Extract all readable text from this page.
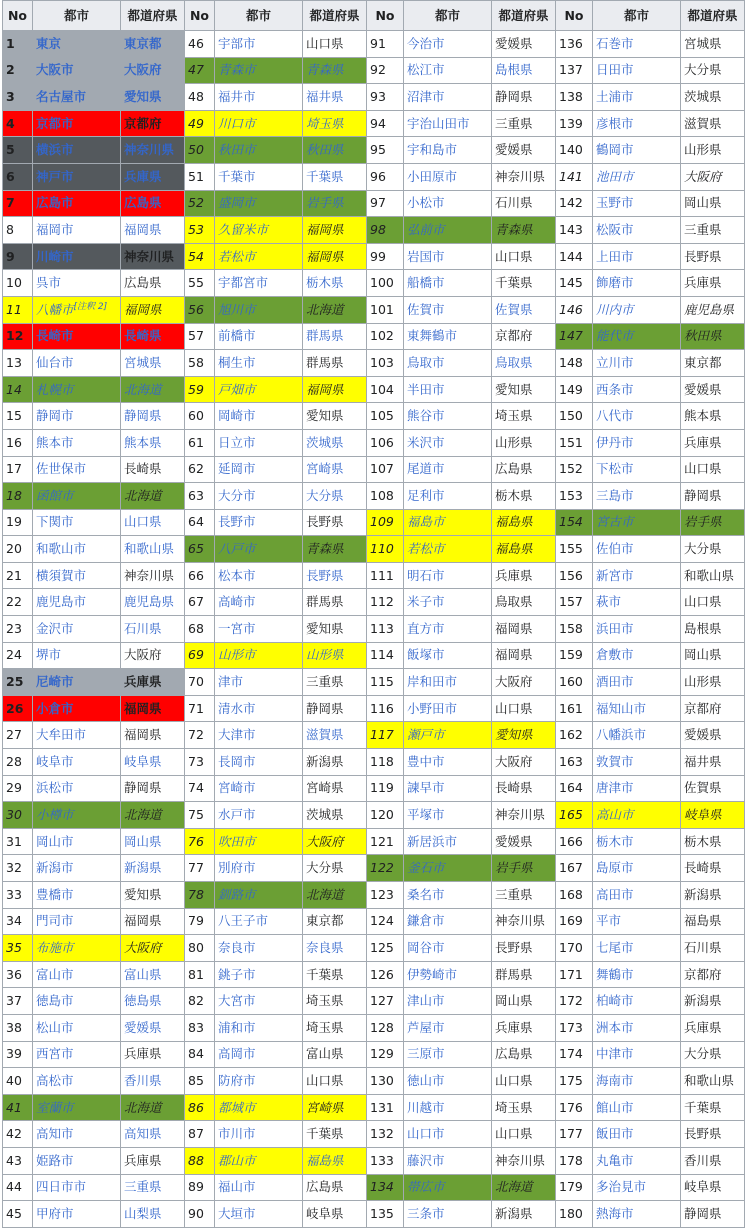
No	都市	都道府県	No	都市	都道府県	No	都市	都道府県	No	都市	都道府県
1	東京	東京都	46	宇部市	山口県	91	今治市	愛媛県	136	石巻市	宮城県
2	大阪市	大阪府	47	青森市	青森県	92	松江市	島根県	137	日田市	大分県
3	名古屋市	愛知県	48	福井市	福井県	93	沼津市	静岡県	138	土浦市	茨城県
4	京都市	京都府	49	川口市	埼玉県	94	宇治山田市	三重県	139	彦根市	滋賀県
5	横浜市	神奈川県	50	秋田市	秋田県	95	宇和島市	愛媛県	140	鶴岡市	山形県
6	神戸市	兵庫県	51	千葉市	千葉県	96	小田原市	神奈川県	141	池田市	大阪府
7	広島市	広島県	52	盛岡市	岩手県	97	小松市	石川県	142	玉野市	岡山県
8	福岡市	福岡県	53	久留米市	福岡県	98	弘前市	青森県	143	松阪市	三重県
9	川崎市	神奈川県	54	若松市	福岡県	99	岩国市	山口県	144	上田市	長野県
10	呉市	広島県	55	宇都宮市	栃木県	100	船橋市	千葉県	145	飾磨市	兵庫県
11	八幡市[注釈 2]	福岡県	56	旭川市	北海道	101	佐賀市	佐賀県	146	川内市	鹿児島県
12	長崎市	長崎県	57	前橋市	群馬県	102	東舞鶴市	京都府	147	能代市	秋田県
13	仙台市	宮城県	58	桐生市	群馬県	103	鳥取市	鳥取県	148	立川市	東京都
14	札幌市	北海道	59	戸畑市	福岡県	104	半田市	愛知県	149	西条市	愛媛県
15	静岡市	静岡県	60	岡崎市	愛知県	105	熊谷市	埼玉県	150	八代市	熊本県
16	熊本市	熊本県	61	日立市	茨城県	106	米沢市	山形県	151	伊丹市	兵庫県
17	佐世保市	長崎県	62	延岡市	宮崎県	107	尾道市	広島県	152	下松市	山口県
18	函館市	北海道	63	大分市	大分県	108	足利市	栃木県	153	三島市	静岡県
19	下関市	山口県	64	長野市	長野県	109	福島市	福島県	154	宮古市	岩手県
20	和歌山市	和歌山県	65	八戸市	青森県	110	若松市	福島県	155	佐伯市	大分県
21	横須賀市	神奈川県	66	松本市	長野県	111	明石市	兵庫県	156	新宮市	和歌山県
22	鹿児島市	鹿児島県	67	高崎市	群馬県	112	米子市	鳥取県	157	萩市	山口県
23	金沢市	石川県	68	一宮市	愛知県	113	直方市	福岡県	158	浜田市	島根県
24	堺市	大阪府	69	山形市	山形県	114	飯塚市	福岡県	159	倉敷市	岡山県
25	尼崎市	兵庫県	70	津市	三重県	115	岸和田市	大阪府	160	酒田市	山形県
26	小倉市	福岡県	71	清水市	静岡県	116	小野田市	山口県	161	福知山市	京都府
27	大牟田市	福岡県	72	大津市	滋賀県	117	瀬戸市	愛知県	162	八幡浜市	愛媛県
28	岐阜市	岐阜県	73	長岡市	新潟県	118	豊中市	大阪府	163	敦賀市	福井県
29	浜松市	静岡県	74	宮崎市	宮崎県	119	諫早市	長崎県	164	唐津市	佐賀県
30	小樽市	北海道	75	水戸市	茨城県	120	平塚市	神奈川県	165	高山市	岐阜県
31	岡山市	岡山県	76	吹田市	大阪府	121	新居浜市	愛媛県	166	栃木市	栃木県
32	新潟市	新潟県	77	別府市	大分県	122	釜石市	岩手県	167	島原市	長崎県
33	豊橋市	愛知県	78	釧路市	北海道	123	桑名市	三重県	168	高田市	新潟県
34	門司市	福岡県	79	八王子市	東京都	124	鎌倉市	神奈川県	169	平市	福島県
35	布施市	大阪府	80	奈良市	奈良県	125	岡谷市	長野県	170	七尾市	石川県
36	富山市	富山県	81	銚子市	千葉県	126	伊勢崎市	群馬県	171	舞鶴市	京都府
37	徳島市	徳島県	82	大宮市	埼玉県	127	津山市	岡山県	172	柏崎市	新潟県
38	松山市	愛媛県	83	浦和市	埼玉県	128	芦屋市	兵庫県	173	洲本市	兵庫県
39	西宮市	兵庫県	84	高岡市	富山県	129	三原市	広島県	174	中津市	大分県
40	高松市	香川県	85	防府市	山口県	130	徳山市	山口県	175	海南市	和歌山県
41	室蘭市	北海道	86	都城市	宮崎県	131	川越市	埼玉県	176	館山市	千葉県
42	高知市	高知県	87	市川市	千葉県	132	山口市	山口県	177	飯田市	長野県
43	姫路市	兵庫県	88	郡山市	福島県	133	藤沢市	神奈川県	178	丸亀市	香川県
44	四日市市	三重県	89	福山市	広島県	134	帯広市	北海道	179	多治見市	岐阜県
45	甲府市	山梨県	90	大垣市	岐阜県	135	三条市	新潟県	180	熱海市	静岡県
